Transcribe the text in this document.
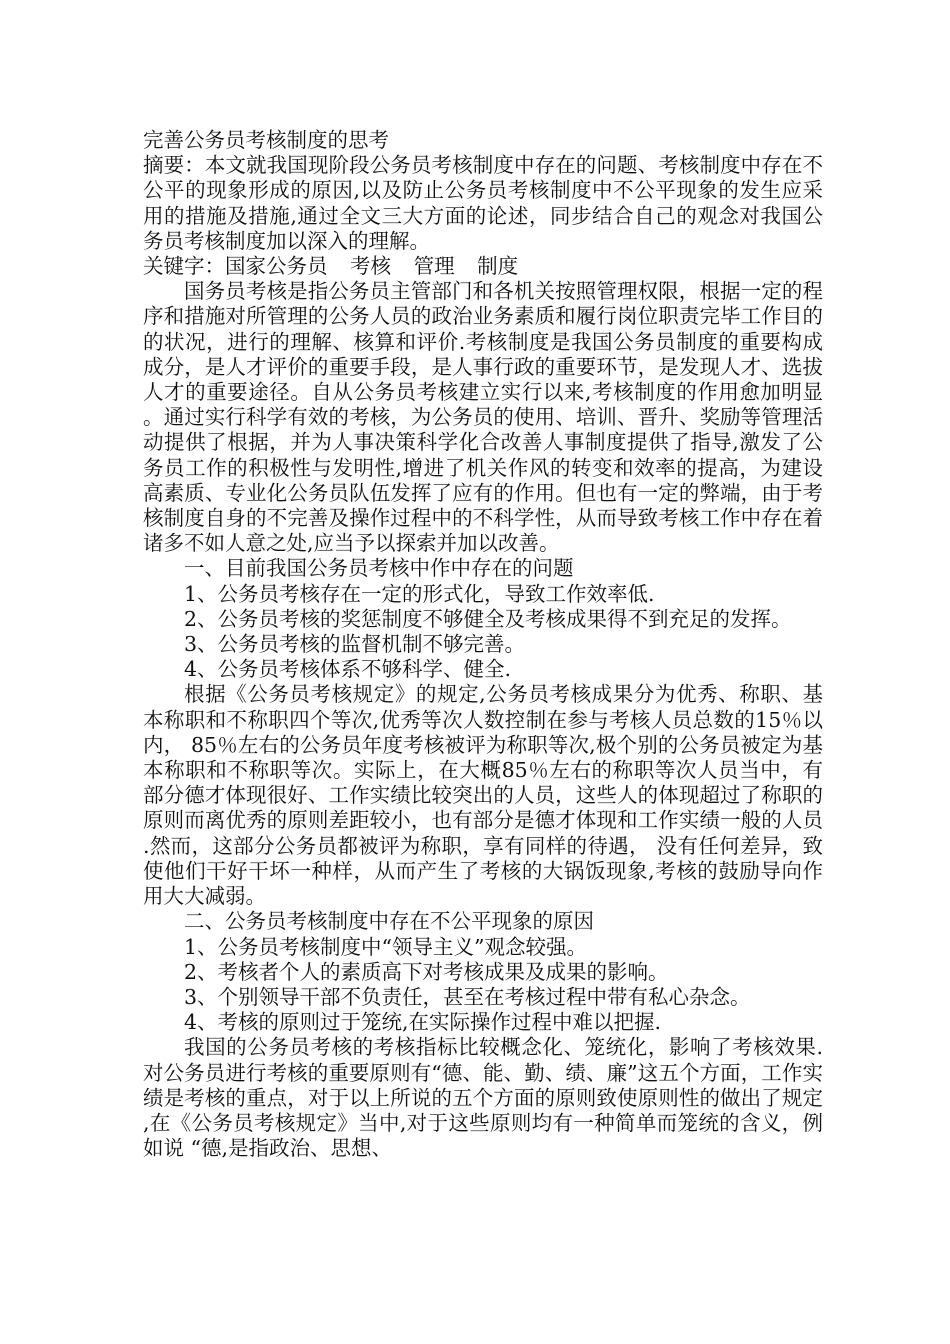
完善公务员考核制度的思考

摘要：本文就我国现阶段公务员考核制度中存在的问题、考核制度中存在不公平的现象形成的原因,以及防止公务员考核制度中不公平现象的发生应采用的措施及措施,通过全文三大方面的论述，同步结合自己的观念对我国公务员考核制度加以深入的理解。

关键字：国家公务员 考核 管理 制度

国务员考核是指公务员主管部门和各机关按照管理权限，根据一定的程序和措施对所管理的公务人员的政治业务素质和履行岗位职责完毕工作目的的状况，进行的理解、核算和评价.考核制度是我国公务员制度的重要构成成分，是人才评价的重要手段，是人事行政的重要环节，是发现人才、选拔人才的重要途径。自从公务员考核建立实行以来,考核制度的作用愈加明显。通过实行科学有效的考核，为公务员的使用、培训、晋升、奖励等管理活动提供了根据，并为人事决策科学化合改善人事制度提供了指导,激发了公务员工作的积极性与发明性,增进了机关作风的转变和效率的提高，为建设高素质、专业化公务员队伍发挥了应有的作用。但也有一定的弊端，由于考核制度自身的不完善及操作过程中的不科学性，从而导致考核工作中存在着诸多不如人意之处,应当予以探索并加以改善。

一、目前我国公务员考核中作中存在的问题

1、公务员考核存在一定的形式化，导致工作效率低.

2、公务员考核的奖惩制度不够健全及考核成果得不到充足的发挥。

3、公务员考核的监督机制不够完善。

4、公务员考核体系不够科学、健全.

根据《公务员考核规定》的规定,公务员考核成果分为优秀、称职、基本称职和不称职四个等次,优秀等次人数控制在参与考核人员总数的15％以内， 85％左右的公务员年度考核被评为称职等次,极个别的公务员被定为基本称职和不称职等次。实际上，在大概85％左右的称职等次人员当中，有部分德才体现很好、工作实绩比较突出的人员，这些人的体现超过了称职的原则而离优秀的原则差距较小，也有部分是德才体现和工作实绩一般的人员.然而，这部分公务员都被评为称职，享有同样的待遇， 没有任何差异，致使他们干好干坏一种样，从而产生了考核的大锅饭现象,考核的鼓励导向作用大大减弱。

二、公务员考核制度中存在不公平现象的原因

1、公务员考核制度中“领导主义”观念较强。

2、考核者个人的素质高下对考核成果及成果的影响。

3、个别领导干部不负责任，甚至在考核过程中带有私心杂念。

4、考核的原则过于笼统,在实际操作过程中难以把握.

我国的公务员考核的考核指标比较概念化、笼统化，影响了考核效果.对公务员进行考核的重要原则有“德、能、勤、绩、廉”这五个方面，工作实绩是考核的重点，对于以上所说的五个方面的原则致使原则性的做出了规定,在《公务员考核规定》当中,对于这些原则均有一种简单而笼统的含义，例如说 “德,是指政治、思想、
